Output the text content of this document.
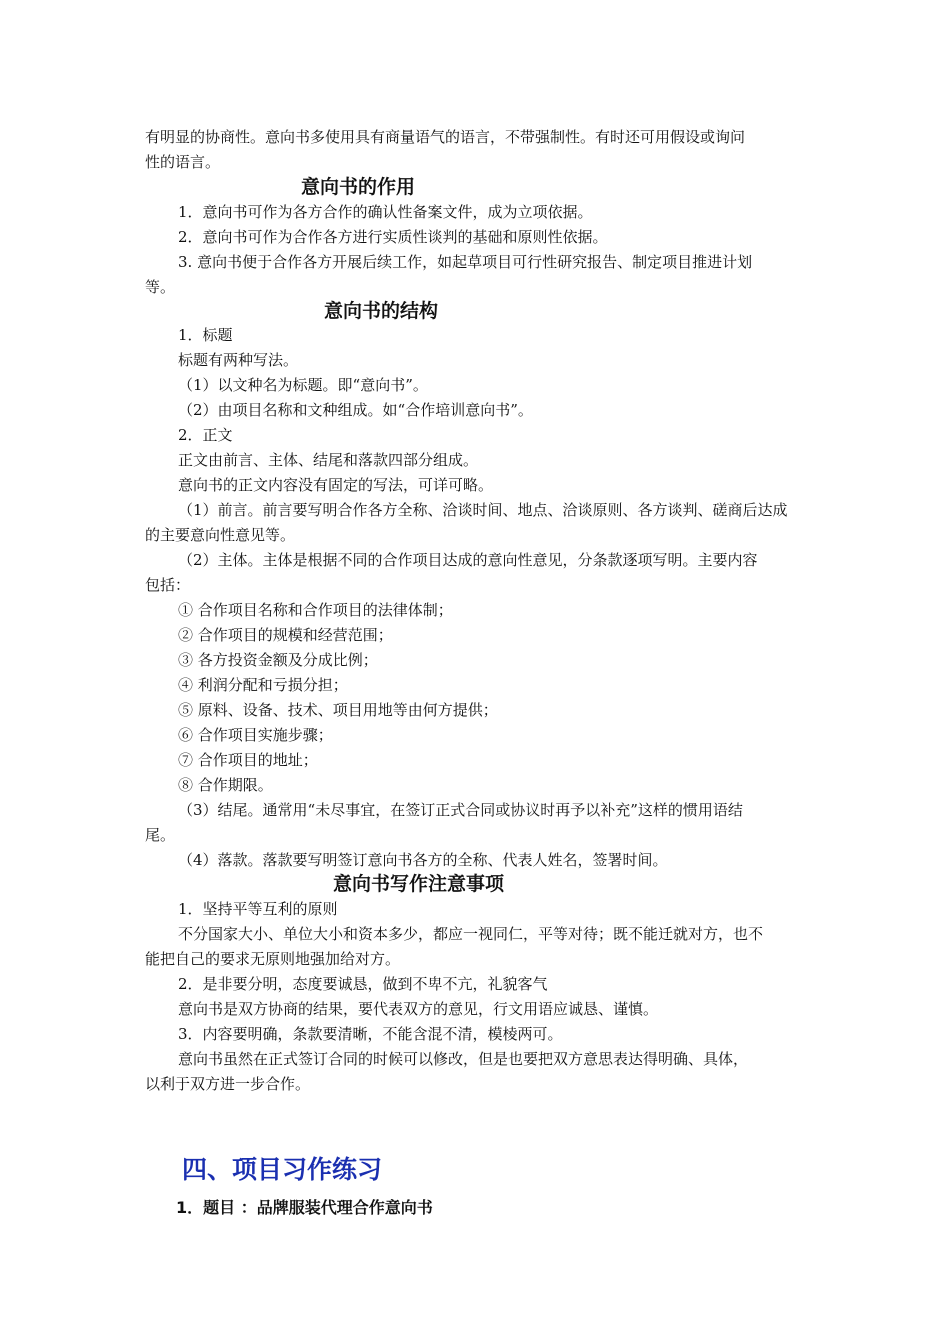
有明显的协商性。意向书多使用具有商量语气的语言，不带强制性。有时还可用假设或询问
性的语言。
意向书的作用
1．意向书可作为各方合作的确认性备案文件，成为立项依据。
2．意向书可作为合作各方进行实质性谈判的基础和原则性依据。
3. 意向书便于合作各方开展后续工作，如起草项目可行性研究报告、制定项目推进计划
等。
意向书的结构
1．标题
标题有两种写法。
（1）以文种名为标题。即“意向书”。
（2）由项目名称和文种组成。如“合作培训意向书”。
2．正文
正文由前言、主体、结尾和落款四部分组成。
意向书的正文内容没有固定的写法，可详可略。
（1）前言。前言要写明合作各方全称、洽谈时间、地点、洽谈原则、各方谈判、磋商后达成
的主要意向性意见等。
（2）主体。主体是根据不同的合作项目达成的意向性意见，分条款逐项写明。主要内容
包括：
① 合作项目名称和合作项目的法律体制；
② 合作项目的规模和经营范围；
③ 各方投资金额及分成比例；
④ 利润分配和亏损分担；
⑤ 原料、设备、技术、项目用地等由何方提供；
⑥ 合作项目实施步骤；
⑦ 合作项目的地址；
⑧ 合作期限。
（3）结尾。通常用“未尽事宜，在签订正式合同或协议时再予以补充”这样的惯用语结
尾。
（4）落款。落款要写明签订意向书各方的全称、代表人姓名，签署时间。
意向书写作注意事项
1．坚持平等互利的原则
不分国家大小、单位大小和资本多少，都应一视同仁，平等对待；既不能迁就对方，也不
能把自己的要求无原则地强加给对方。
2．是非要分明，态度要诚恳，做到不卑不亢，礼貌客气
意向书是双方协商的结果，要代表双方的意见，行文用语应诚恳、谨慎。
3．内容要明确，条款要清晰，不能含混不清，模棱两可。
意向书虽然在正式签订合同的时候可以修改，但是也要把双方意思表达得明确、具体，
以利于双方进一步合作。
四、项目习作练习
1．题目 ：品牌服装代理合作意向书
